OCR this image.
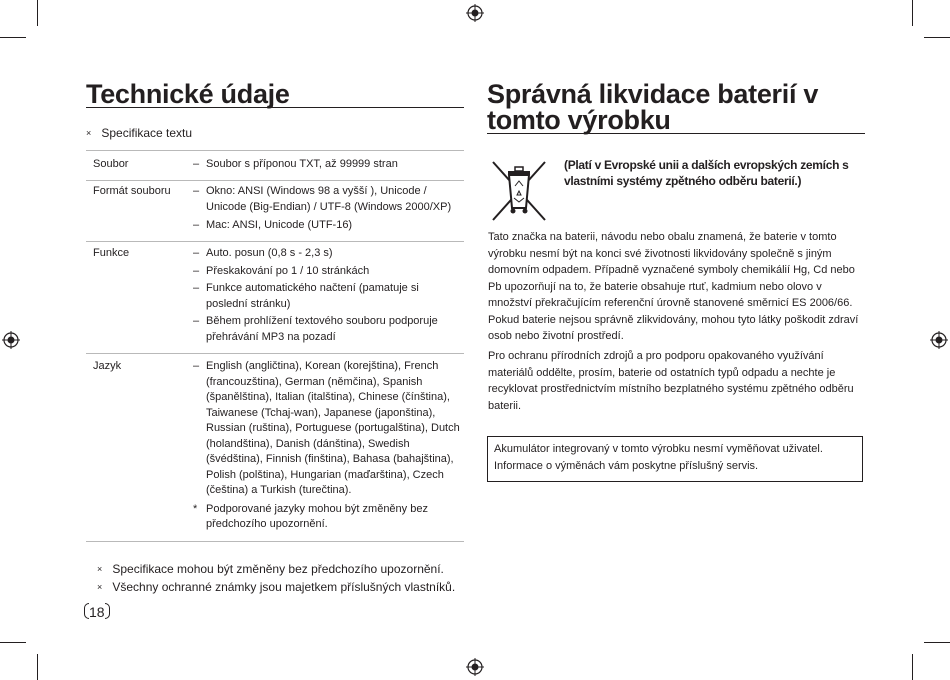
Technické údaje
× Specifikace textu
Soubor	– Soubor s příponou TXT, až 99999 stran
Formát souboru – Okno: ANSI (Windows 98 a vyšší ), Unicode / Unicode (Big-Endian) / UTF-8 (Windows 2000/XP)
– Mac: ANSI, Unicode (UTF-16)
Funkce	– Auto. posun (0,8 s - 2,3 s)
– Přeskakování po 1 / 10 stránkách
– Funkce automatického načtení (pamatuje si poslední stránku)
– Během prohlížení textového souboru podporuje přehrávání MP3 na pozadí
Jazyk	– English (angličtina), Korean (korejština), French (francouzština), German (němčina), Spanish (španělština), Italian (italština), Chinese (čínština), Taiwanese (Tchaj-wan), Japanese (japonština), Russian (ruština), Portuguese (portugalština), Dutch (holandština), Danish (dánština), Swedish (švédština), Finnish (finština), Bahasa (bahajština), Polish (polština), Hungarian (maďarština), Czech (čeština) a Turkish (turečtina).
* Podporované jazyky mohou být změněny bez předchozího upozornění.
× Specifikace mohou být změněny bez předchozího upozornění.
× Všechny ochranné známky jsou majetkem příslušných vlastníků.
18
Správná likvidace baterií v
tomto výrobku
(Platí v Evropské unii a dalších evropských zemích s vlastními systémy zpětného odběru baterií.)
Tato značka na baterii, návodu nebo obalu znamená, že baterie v tomto výrobku nesmí být na konci své životnosti likvidovány společně s jiným domovním odpadem. Případně vyznačené symboly chemikálií Hg, Cd nebo Pb upozorňují na to, že baterie obsahuje rtuť, kadmium nebo olovo v množství překračujícím referenční úrovně stanovené směrnicí ES 2006/66. Pokud baterie nejsou správně zlikvidovány, mohou tyto látky poškodit zdraví osob nebo životní prostředí.
Pro ochranu přírodních zdrojů a pro podporu opakovaného využívání materiálů oddělte, prosím, baterie od ostatních typů odpadu a nechte je recyklovat prostřednictvím místního bezplatného systému zpětného odběru baterii.
Akumulátor integrovaný v tomto výrobku nesmí vyměňovat uživatel. Informace o výměnách vám poskytne příslušný servis.
